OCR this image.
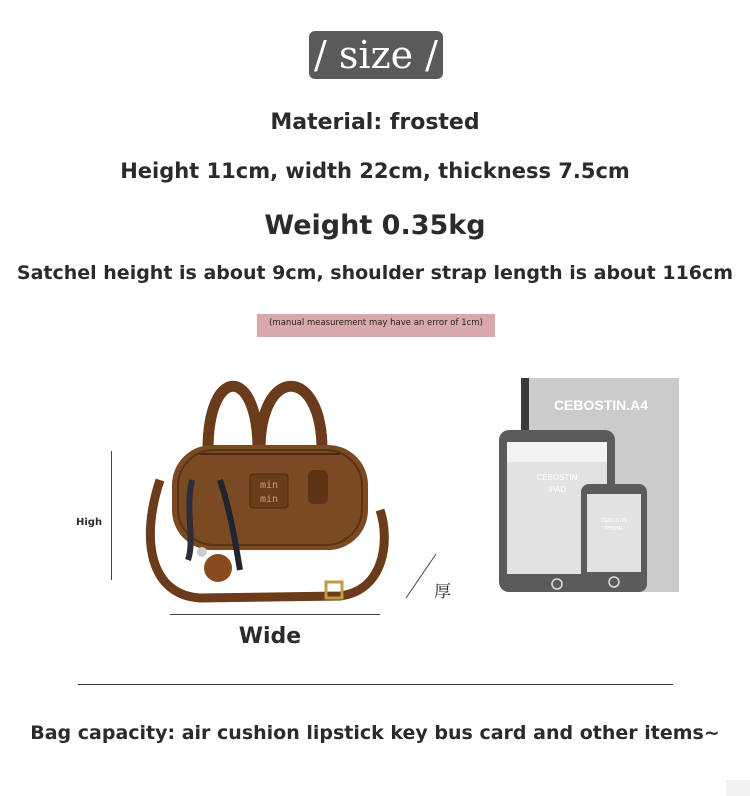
/ size /
Material: frosted
Height 11cm, width 22cm, thickness 7.5cm
Weight 0.35kg
Satchel height is about 9cm, shoulder strap length is about 116cm
(manual measurement may have an error of 1cm)
High
min
min
Wide
厚
CEBOSTIN.A4
CEBOSTIN
IPAD
CEBOSTIN
IPHONE
Bag capacity: air cushion lipstick key bus card and other items~
